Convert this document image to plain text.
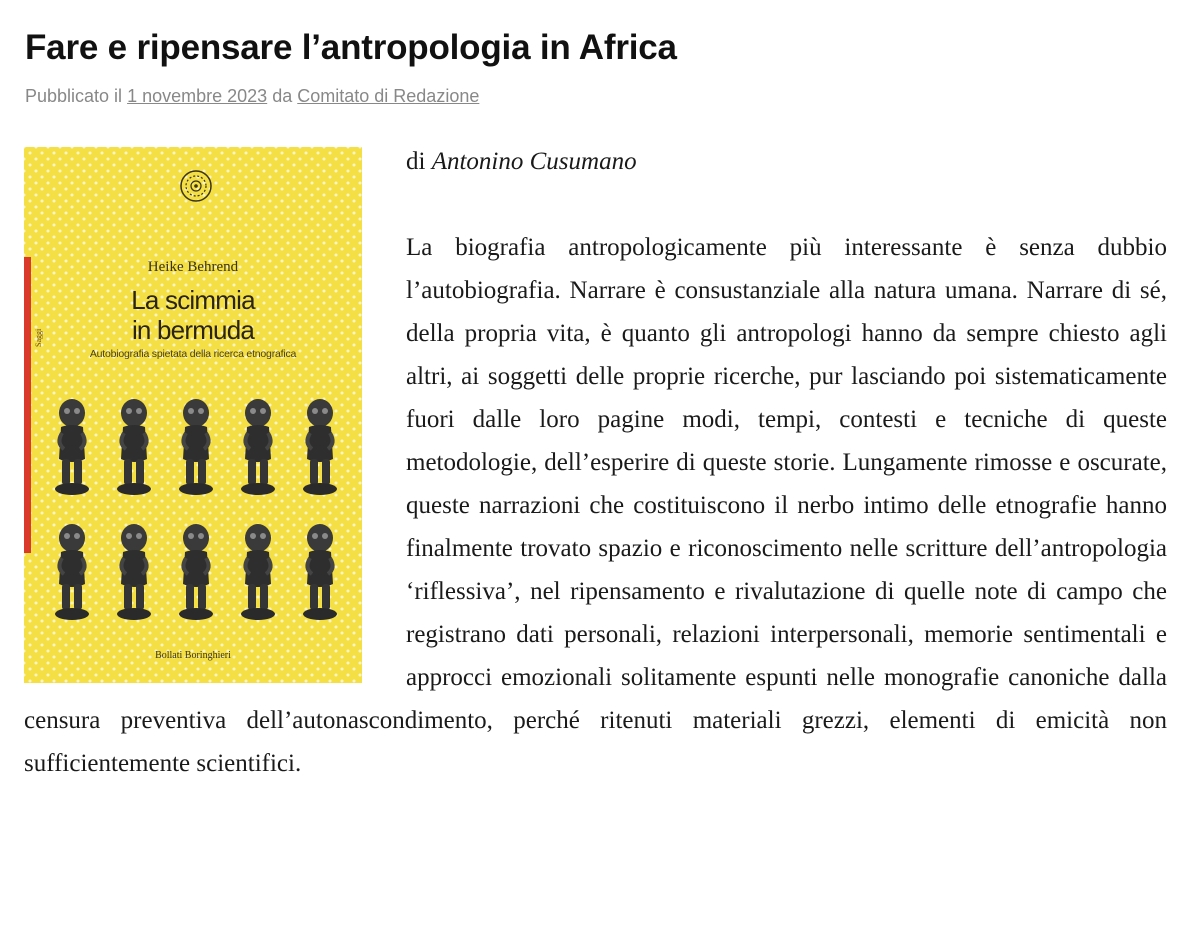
Fare e ripensare l’antropologia in Africa
Pubblicato il 1 novembre 2023 da Comitato di Redazione
Saggi
Heike Behrend
La scimmia
in bermuda
Autobiografia spietata della ricerca etnografica
Bollati Boringhieri

di Antonino Cusumano

La biografia antropologicamente più interessante è senza dubbio l’autobiografia. Narrare è consustanziale alla natura umana. Narrare di sé, della propria vita, è quanto gli antropologi hanno da sempre chiesto agli altri, ai soggetti delle proprie ricerche, pur lasciando poi sistematicamente fuori dalle loro pagine modi, tempi, contesti e tecniche di queste metodologie, dell’esperire di queste storie. Lungamente rimosse e oscurate, queste narrazioni che costituiscono il nerbo intimo delle etnografie hanno finalmente trovato spazio e riconoscimento nelle scritture dell’antropologia ‘riflessiva’, nel ripensamento e rivalutazione di quelle note di campo che registrano dati personali, relazioni interpersonali, memorie sentimentali e approcci emozionali solitamente espunti nelle monografie canoniche dalla censura preventiva dell’autonascondimento, perché ritenuti materiali grezzi, elementi di emicità non sufficientemente scientifici.
